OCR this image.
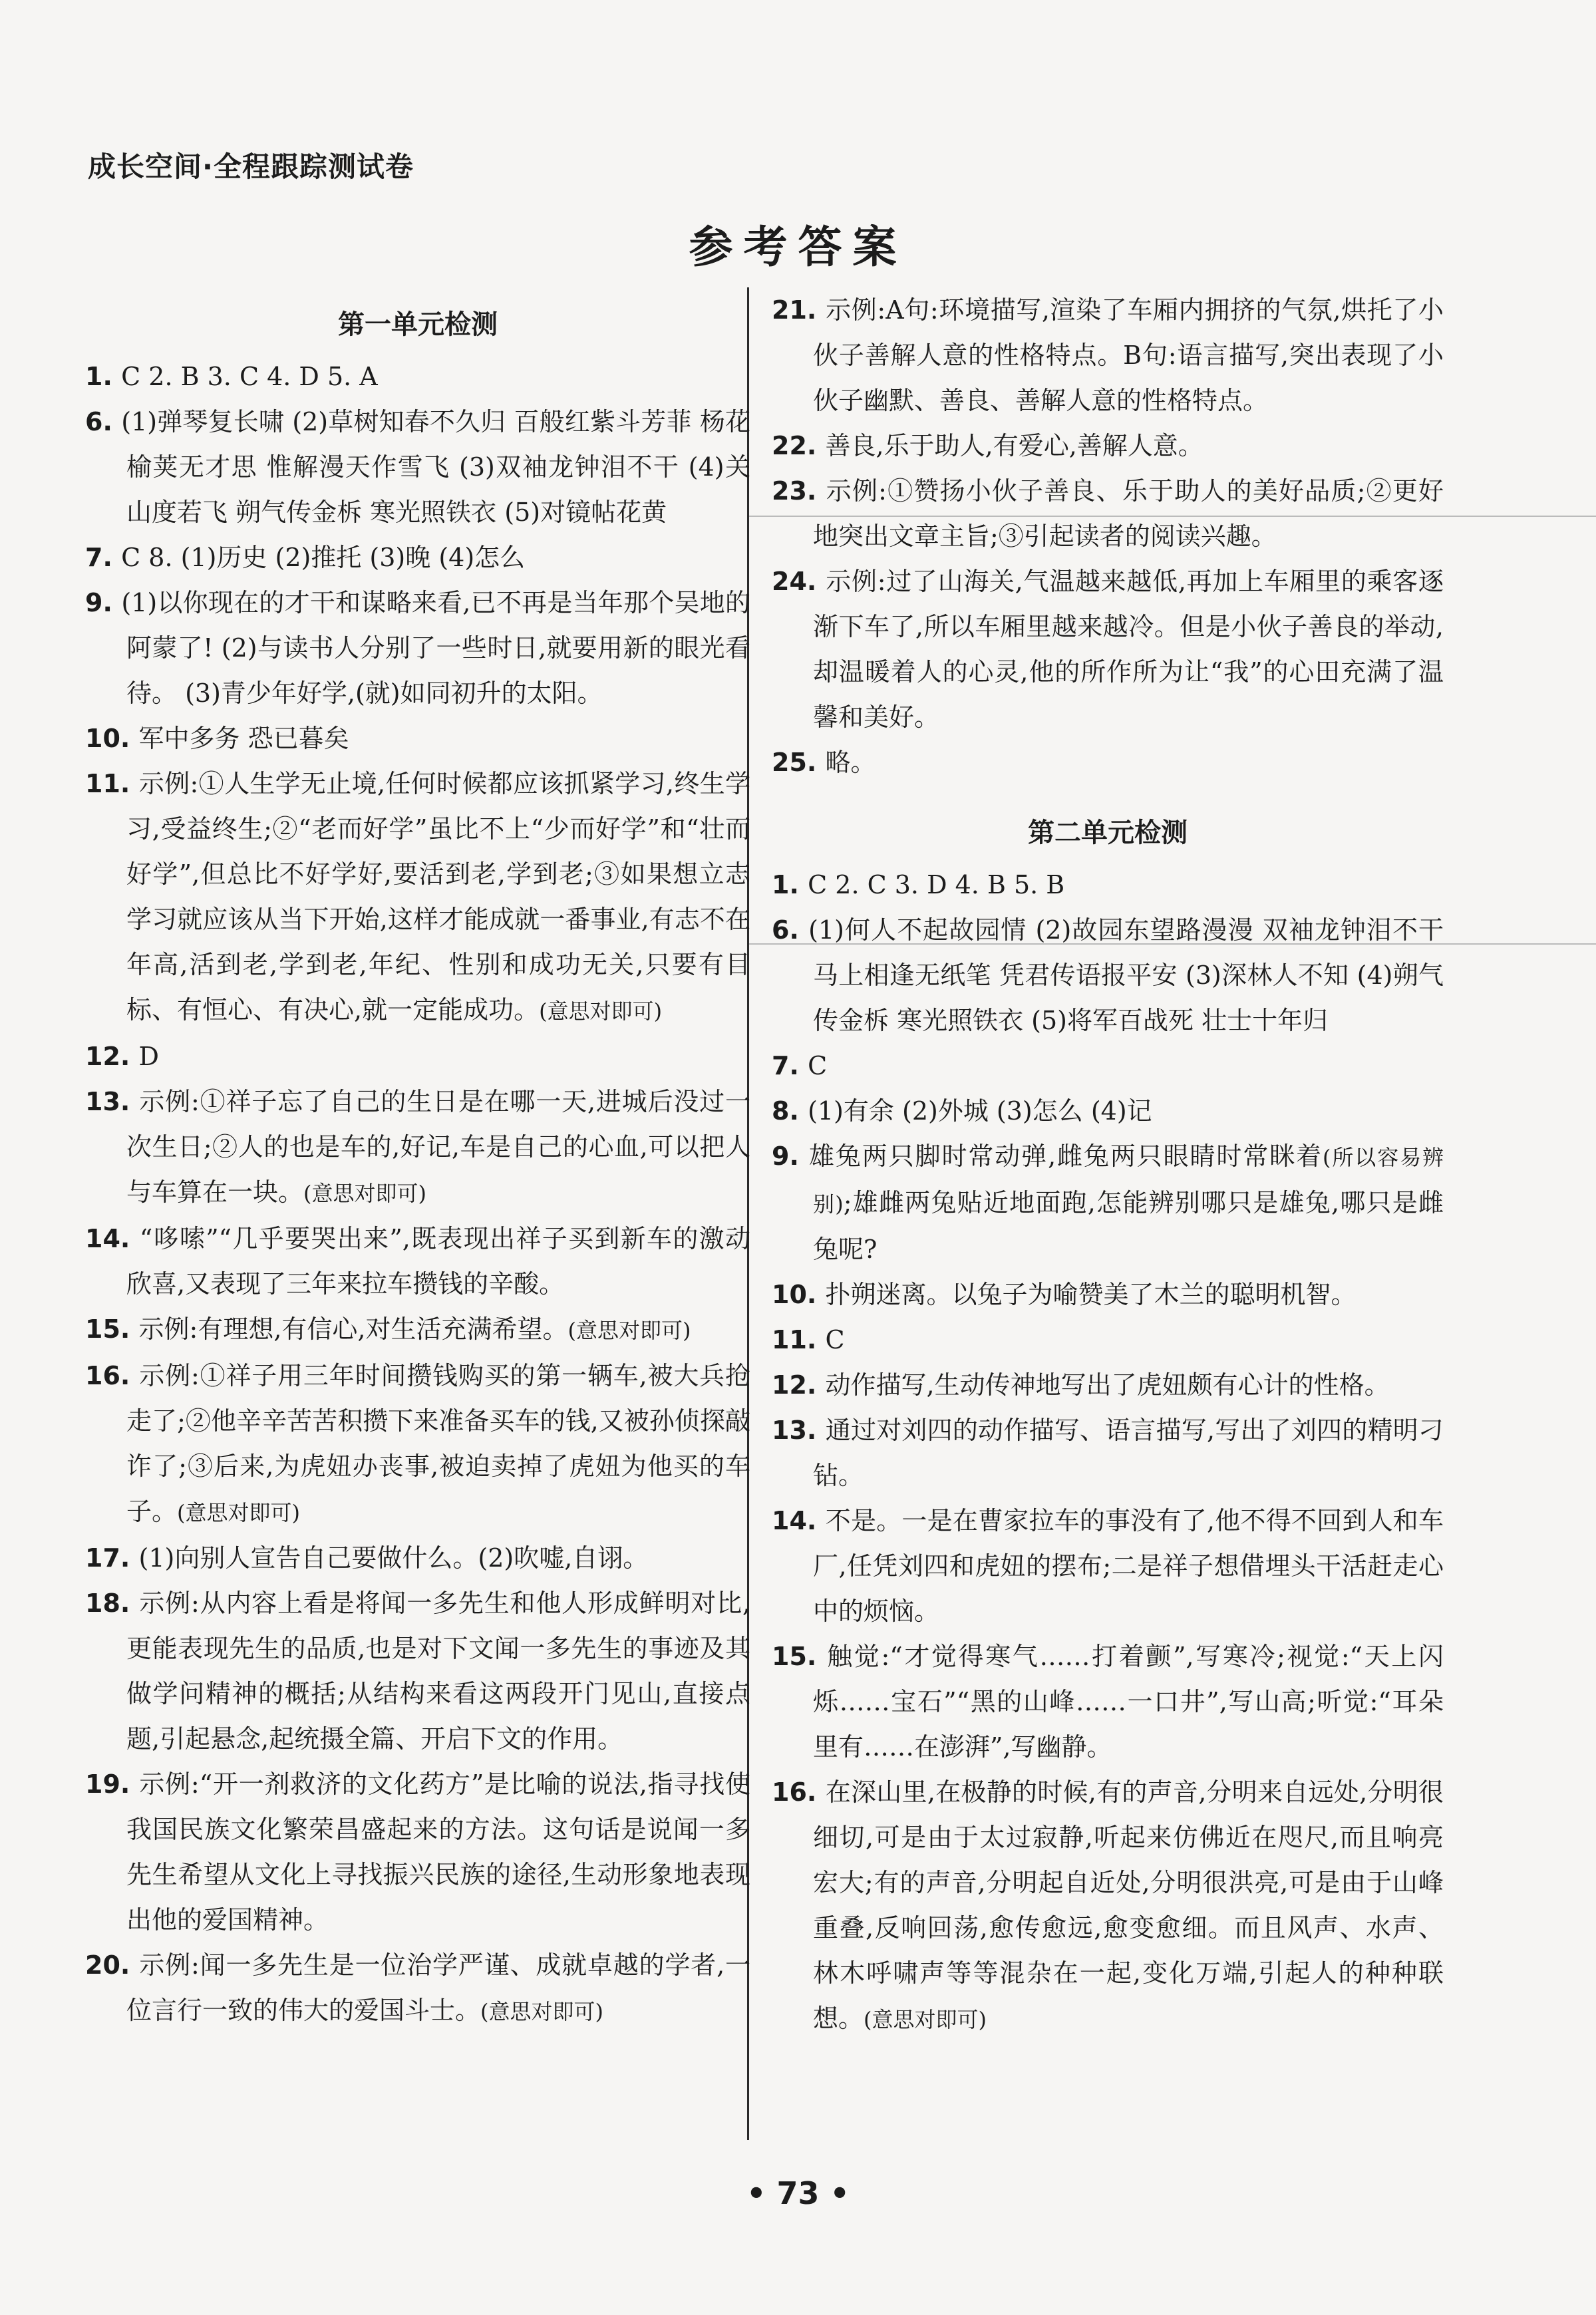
成长空间·全程跟踪测试卷
参考答案
第一单元检测
1. C 2. B 3. C 4. D 5. A
6. (1)弹琴复长啸 (2)草树知春不久归 百般红紫斗芳菲 杨花榆荚无才思 惟解漫天作雪飞 (3)双袖龙钟泪不干 (4)关山度若飞 朔气传金柝 寒光照铁衣 (5)对镜帖花黄
7. C 8. (1)历史 (2)推托 (3)晚 (4)怎么
9. (1)以你现在的才干和谋略来看,已不再是当年那个吴地的阿蒙了! (2)与读书人分别了一些时日,就要用新的眼光看待。 (3)青少年好学,(就)如同初升的太阳。
10. 军中多务 恐已暮矣
11. 示例:①人生学无止境,任何时候都应该抓紧学习,终生学习,受益终生;②“老而好学”虽比不上“少而好学”和“壮而好学”,但总比不好学好,要活到老,学到老;③如果想立志学习就应该从当下开始,这样才能成就一番事业,有志不在年高,活到老,学到老,年纪、性别和成功无关,只要有目标、有恒心、有决心,就一定能成功。(意思对即可)
12. D
13. 示例:①祥子忘了自己的生日是在哪一天,进城后没过一次生日;②人的也是车的,好记,车是自己的心血,可以把人与车算在一块。(意思对即可)
14. “哆嗦”“几乎要哭出来”,既表现出祥子买到新车的激动欣喜,又表现了三年来拉车攒钱的辛酸。
15. 示例:有理想,有信心,对生活充满希望。(意思对即可)
16. 示例:①祥子用三年时间攒钱购买的第一辆车,被大兵抢走了;②他辛辛苦苦积攒下来准备买车的钱,又被孙侦探敲诈了;③后来,为虎妞办丧事,被迫卖掉了虎妞为他买的车子。(意思对即可)
17. (1)向别人宣告自己要做什么。(2)吹嘘,自诩。
18. 示例:从内容上看是将闻一多先生和他人形成鲜明对比,更能表现先生的品质,也是对下文闻一多先生的事迹及其做学问精神的概括;从结构来看这两段开门见山,直接点题,引起悬念,起统摄全篇、开启下文的作用。
19. 示例:“开一剂救济的文化药方”是比喻的说法,指寻找使我国民族文化繁荣昌盛起来的方法。这句话是说闻一多先生希望从文化上寻找振兴民族的途径,生动形象地表现出他的爱国精神。
20. 示例:闻一多先生是一位治学严谨、成就卓越的学者,一位言行一致的伟大的爱国斗士。(意思对即可)
21. 示例:A句:环境描写,渲染了车厢内拥挤的气氛,烘托了小伙子善解人意的性格特点。B句:语言描写,突出表现了小伙子幽默、善良、善解人意的性格特点。
22. 善良,乐于助人,有爱心,善解人意。
23. 示例:①赞扬小伙子善良、乐于助人的美好品质;②更好地突出文章主旨;③引起读者的阅读兴趣。
24. 示例:过了山海关,气温越来越低,再加上车厢里的乘客逐渐下车了,所以车厢里越来越冷。但是小伙子善良的举动,却温暖着人的心灵,他的所作所为让“我”的心田充满了温馨和美好。
25. 略。
第二单元检测
1. C 2. C 3. D 4. B 5. B
6. (1)何人不起故园情 (2)故园东望路漫漫 双袖龙钟泪不干 马上相逢无纸笔 凭君传语报平安 (3)深林人不知 (4)朔气传金柝 寒光照铁衣 (5)将军百战死 壮士十年归
7. C
8. (1)有余 (2)外城 (3)怎么 (4)记
9. 雄兔两只脚时常动弹,雌兔两只眼睛时常眯着(所以容易辨别);雄雌两兔贴近地面跑,怎能辨别哪只是雄兔,哪只是雌兔呢?
10. 扑朔迷离。以兔子为喻赞美了木兰的聪明机智。
11. C
12. 动作描写,生动传神地写出了虎妞颇有心计的性格。
13. 通过对刘四的动作描写、语言描写,写出了刘四的精明刁钻。
14. 不是。一是在曹家拉车的事没有了,他不得不回到人和车厂,任凭刘四和虎妞的摆布;二是祥子想借埋头干活赶走心中的烦恼。
15. 触觉:“才觉得寒气……打着颤”,写寒冷;视觉:“天上闪烁……宝石”“黑的山峰……一口井”,写山高;听觉:“耳朵里有……在澎湃”,写幽静。
16. 在深山里,在极静的时候,有的声音,分明来自远处,分明很细切,可是由于太过寂静,听起来仿佛近在咫尺,而且响亮宏大;有的声音,分明起自近处,分明很洪亮,可是由于山峰重叠,反响回荡,愈传愈远,愈变愈细。而且风声、水声、林木呼啸声等等混杂在一起,变化万端,引起人的种种联想。(意思对即可)
• 73 •
